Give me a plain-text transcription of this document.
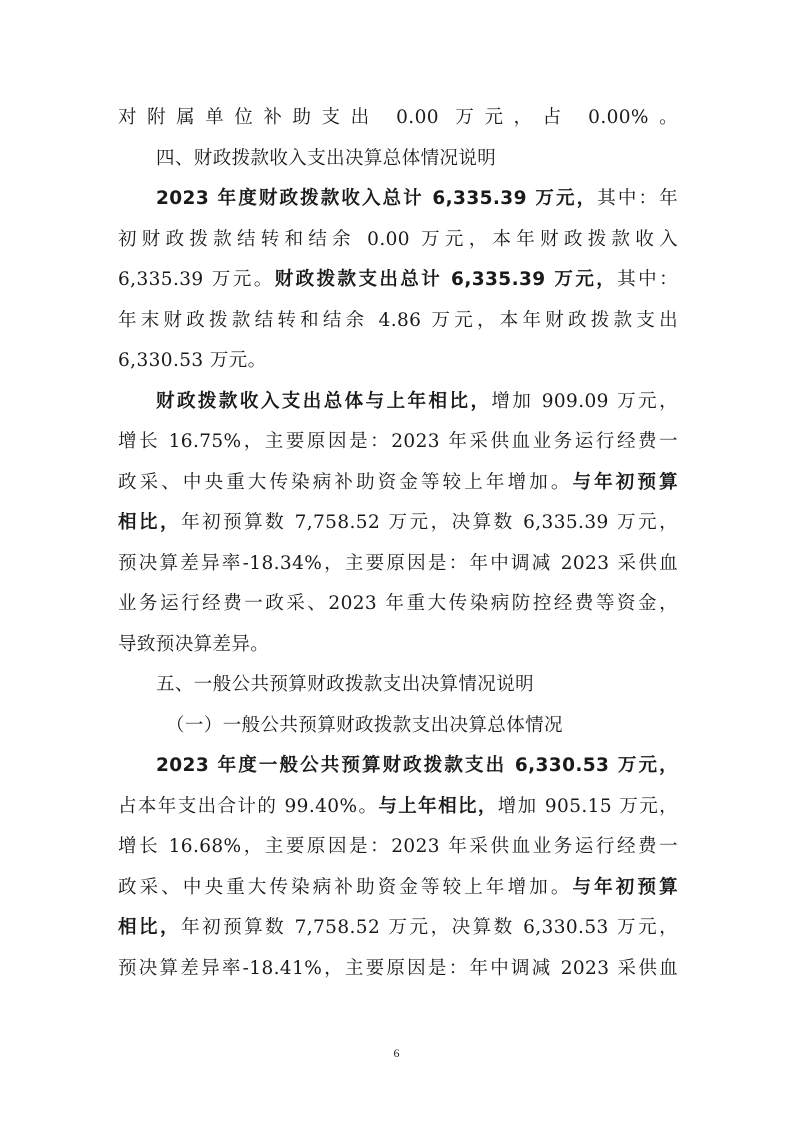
对附属单位补助支出 0.00 万元，占 0.00%。
四、财政拨款收入支出决算总体情况说明
2023 年度财政拨款收入总计 6,335.39 万元，其中：年
初财政拨款结转和结余 0.00 万元，本年财政拨款收入
6,335.39 万元。财政拨款支出总计 6,335.39 万元，其中：
年末财政拨款结转和结余 4.86 万元，本年财政拨款支出
6,330.53 万元。
财政拨款收入支出总体与上年相比，增加 909.09 万元，
增长 16.75%，主要原因是：2023 年采供血业务运行经费一
政采、中央重大传染病补助资金等较上年增加。与年初预算
相比，年初预算数 7,758.52 万元，决算数 6,335.39 万元，
预决算差异率-18.34%，主要原因是：年中调减 2023 采供血
业务运行经费一政采、2023 年重大传染病防控经费等资金，
导致预决算差异。
五、一般公共预算财政拨款支出决算情况说明
（一）一般公共预算财政拨款支出决算总体情况
2023 年度一般公共预算财政拨款支出 6,330.53 万元，
占本年支出合计的 99.40%。与上年相比，增加 905.15 万元，
增长 16.68%，主要原因是：2023 年采供血业务运行经费一
政采、中央重大传染病补助资金等较上年增加。与年初预算
相比，年初预算数 7,758.52 万元，决算数 6,330.53 万元，
预决算差异率-18.41%，主要原因是：年中调减 2023 采供血
6
